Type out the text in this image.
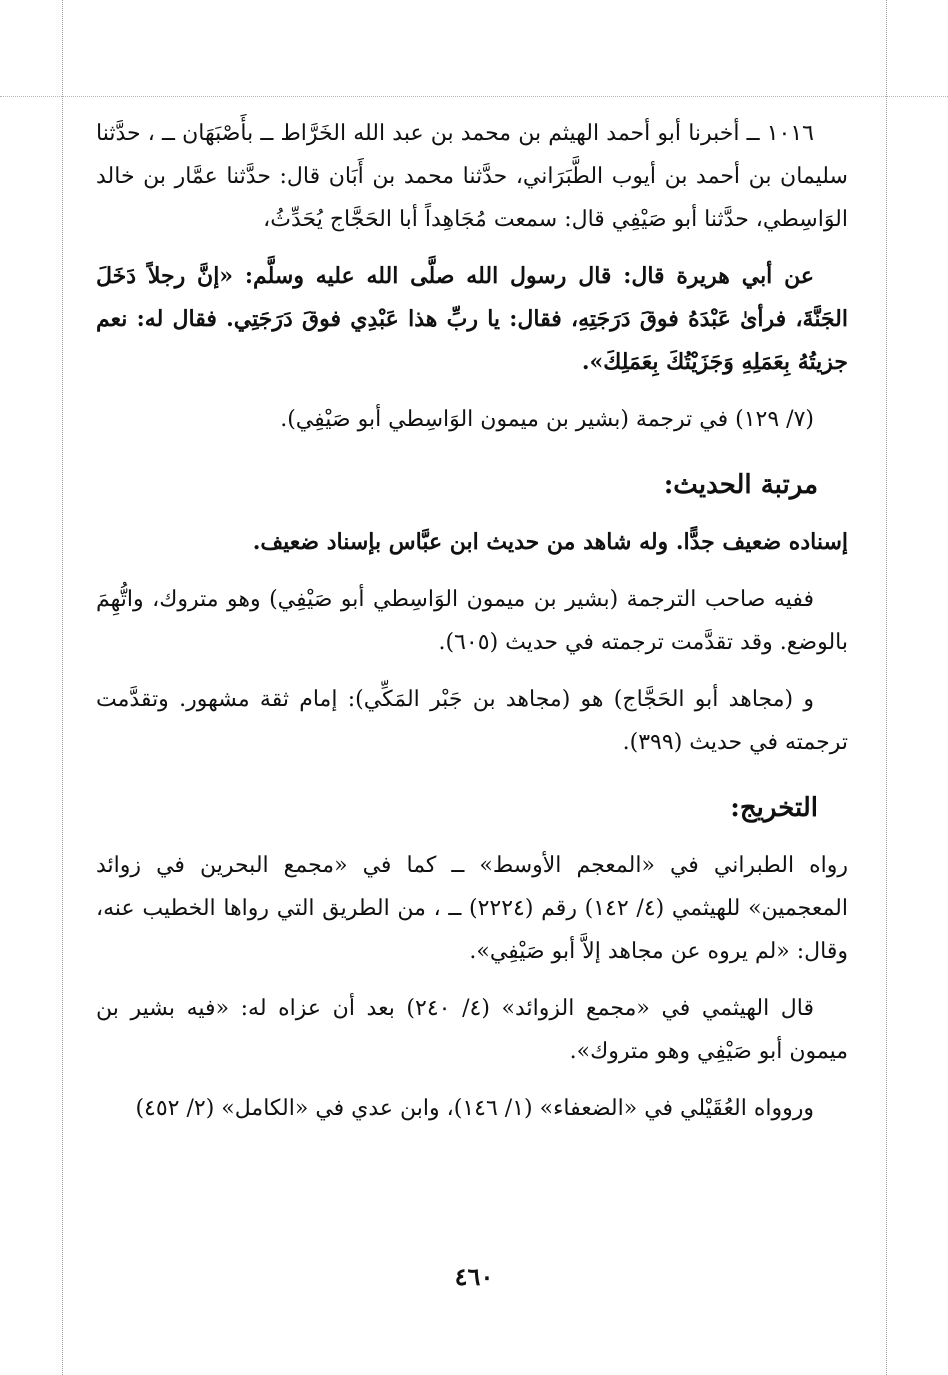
١٠١٦ ــ أخبرنا أبو أحمد الهيثم بن محمد بن عبد الله الخَرَّاط ــ بأَصْبَهَان ــ ، حدَّثنا سليمان بن أحمد بن أيوب الطَّبَرَاني، حدَّثنا محمد بن أَبَان قال: حدَّثنا عمَّار بن خالد الوَاسِطي، حدَّثنا أبو صَيْفِي قال: سمعت مُجَاهِداً أبا الحَجَّاج يُحَدِّثُ،

عن أبي هريرة قال: قال رسول الله صلَّى الله عليه وسلَّم: «إنَّ رجلاً دَخَلَ الجَنَّةَ، فرأىٰ عَبْدَهُ فوقَ دَرَجَتِهِ، فقال: يا ربِّ هذا عَبْدِي فوقَ دَرَجَتِي. فقال له: نعم جزيتُهُ بِعَمَلِهِ وَجَزَيْتُكَ بِعَمَلِكَ».

(٧/ ١٢٩) في ترجمة (بشير بن ميمون الوَاسِطي أبو صَيْفِي).

مرتبة الحديث:

إسناده ضعيف جدًّا. وله شاهد من حديث ابن عبَّاس بإسناد ضعيف.

ففيه صاحب الترجمة (بشير بن ميمون الوَاسِطي أبو صَيْفِي) وهو متروك، واتُّهِمَ بالوضع. وقد تقدَّمت ترجمته في حديث (٦٠٥).

و (مجاهد أبو الحَجَّاج) هو (مجاهد بن جَبْر المَكِّي): إمام ثقة مشهور. وتقدَّمت ترجمته في حديث (٣٩٩).

التخريج:

رواه الطبراني في «المعجم الأوسط» ــ كما في «مجمع البحرين في زوائد المعجمين» للهيثمي (٤/ ١٤٢) رقم (٢٢٢٤) ــ ، من الطريق التي رواها الخطيب عنه، وقال: «لم يروه عن مجاهد إلاَّ أبو صَيْفِي».

قال الهيثمي في «مجمع الزوائد» (٤/ ٢٤٠) بعد أن عزاه له: «فيه بشير بن ميمون أبو صَيْفِي وهو متروك».

وروواه العُقَيْلي في «الضعفاء» (١/ ١٤٦)، وابن عدي في «الكامل» (٢/ ٤٥٢)

٤٦٠
